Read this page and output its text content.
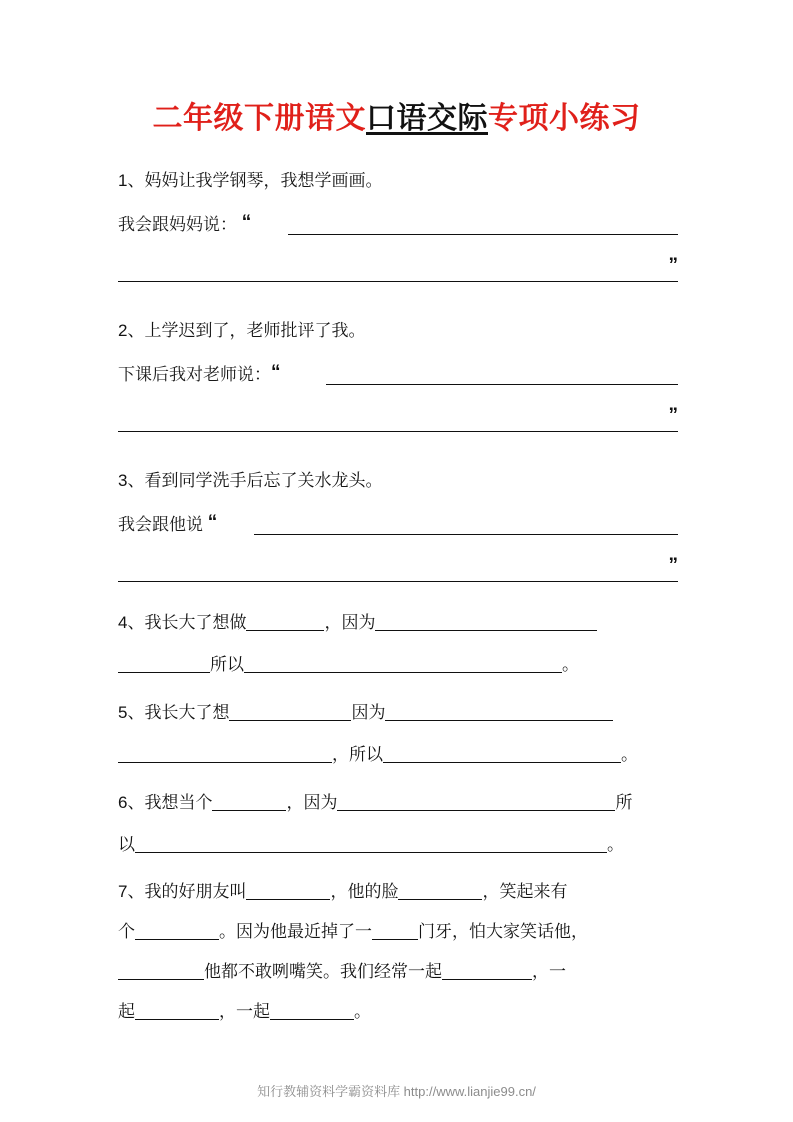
二年级下册语文口语交际专项小练习
1、妈妈让我学钢琴，我想学画画。
我会跟妈妈说： “
”
2、上学迟到了，老师批评了我。
下课后我对老师说：“
”
3、看到同学洗手后忘了关水龙头。
我会跟他说 “
”
4、我长大了想做	，因为
所以	。
5、我长大了想	因为
，所以	。
6、我想当个	，因为	所
以	。
7、我的好朋友叫	，他的脸	，笑起来有
个	。因为他最近掉了一	门牙，怕大家笑话他，
他都不敢咧嘴笑。我们经常一起	，一
起	，一起	。
知行教辅资料学霸资料库 http://www.lianjie99.cn/
